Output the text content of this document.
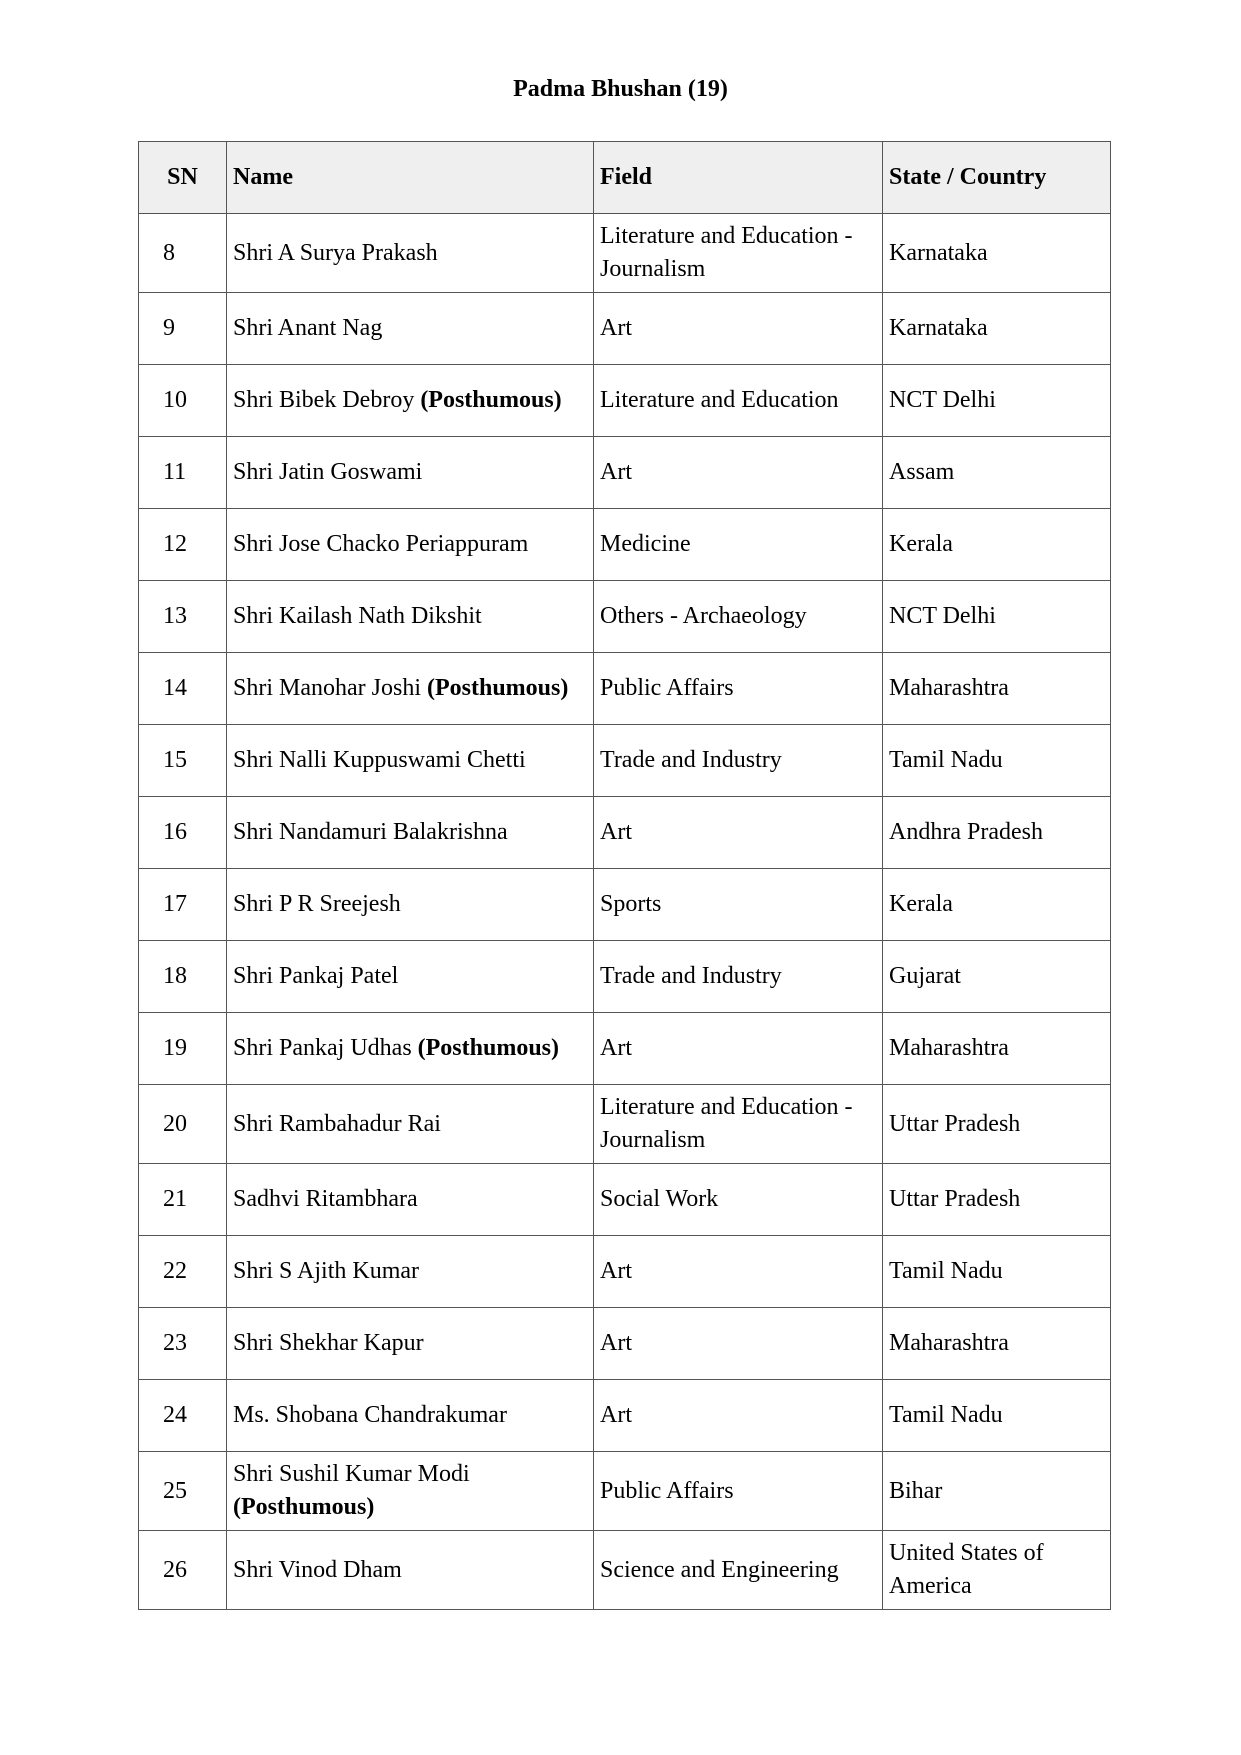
Padma Bhushan (19)
SN	Name	Field	State / Country
8	Shri A Surya Prakash	Literature and Education - Journalism	Karnataka
9	Shri Anant Nag	Art	Karnataka
10	Shri Bibek Debroy (Posthumous)	Literature and Education	NCT Delhi
11	Shri Jatin Goswami	Art	Assam
12	Shri Jose Chacko Periappuram	Medicine	Kerala
13	Shri Kailash Nath Dikshit	Others - Archaeology	NCT Delhi
14	Shri Manohar Joshi (Posthumous)	Public Affairs	Maharashtra
15	Shri Nalli Kuppuswami Chetti	Trade and Industry	Tamil Nadu
16	Shri Nandamuri Balakrishna	Art	Andhra Pradesh
17	Shri P R Sreejesh	Sports	Kerala
18	Shri Pankaj Patel	Trade and Industry	Gujarat
19	Shri Pankaj Udhas (Posthumous)	Art	Maharashtra
20	Shri Rambahadur Rai	Literature and Education - Journalism	Uttar Pradesh
21	Sadhvi Ritambhara	Social Work	Uttar Pradesh
22	Shri S Ajith Kumar	Art	Tamil Nadu
23	Shri Shekhar Kapur	Art	Maharashtra
24	Ms. Shobana Chandrakumar	Art	Tamil Nadu
25	Shri Sushil Kumar Modi (Posthumous)	Public Affairs	Bihar
26	Shri Vinod Dham	Science and Engineering	United States of America
